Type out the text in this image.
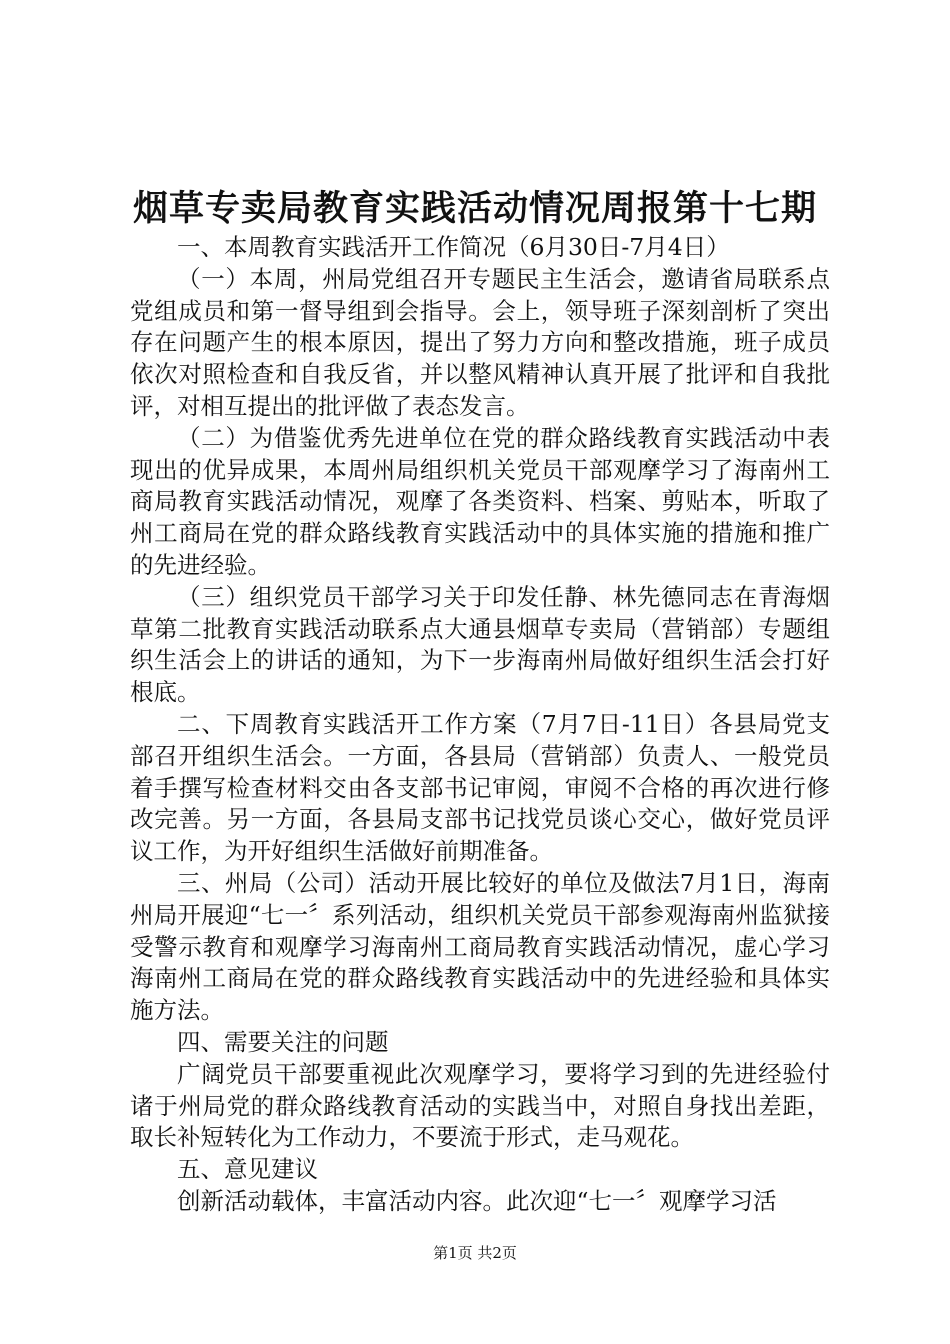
烟草专卖局教育实践活动情况周报第十七期

一、本周教育实践活开工作简况（6月30日-7月4日）

（一）本周，州局党组召开专题民主生活会，邀请省局联系点党组成员和第一督导组到会指导。会上，领导班子深刻剖析了突出存在问题产生的根本原因，提出了努力方向和整改措施，班子成员依次对照检查和自我反省，并以整风精神认真开展了批评和自我批评，对相互提出的批评做了表态发言。

（二）为借鉴优秀先进单位在党的群众路线教育实践活动中表现出的优异成果，本周州局组织机关党员干部观摩学习了海南州工商局教育实践活动情况，观摩了各类资料、档案、剪贴本，听取了州工商局在党的群众路线教育实践活动中的具体实施的措施和推广的先进经验。

（三）组织党员干部学习关于印发任静、林先德同志在青海烟草第二批教育实践活动联系点大通县烟草专卖局（营销部）专题组织生活会上的讲话的通知，为下一步海南州局做好组织生活会打好根底。

二、下周教育实践活开工作方案（7月7日-11日）各县局党支部召开组织生活会。一方面，各县局（营销部）负责人、一般党员着手撰写检查材料交由各支部书记审阅，审阅不合格的再次进行修改完善。另一方面，各县局支部书记找党员谈心交心，做好党员评议工作，为开好组织生活做好前期准备。

三、州局（公司）活动开展比较好的单位及做法7月1日，海南州局开展迎“七一〞系列活动，组织机关党员干部参观海南州监狱接受警示教育和观摩学习海南州工商局教育实践活动情况，虚心学习海南州工商局在党的群众路线教育实践活动中的先进经验和具体实施方法。

四、需要关注的问题

广阔党员干部要重视此次观摩学习，要将学习到的先进经验付诸于州局党的群众路线教育活动的实践当中，对照自身找出差距，取长补短转化为工作动力，不要流于形式，走马观花。

五、意见建议

创新活动载体，丰富活动内容。此次迎“七一〞观摩学习活

第1页 共2页
